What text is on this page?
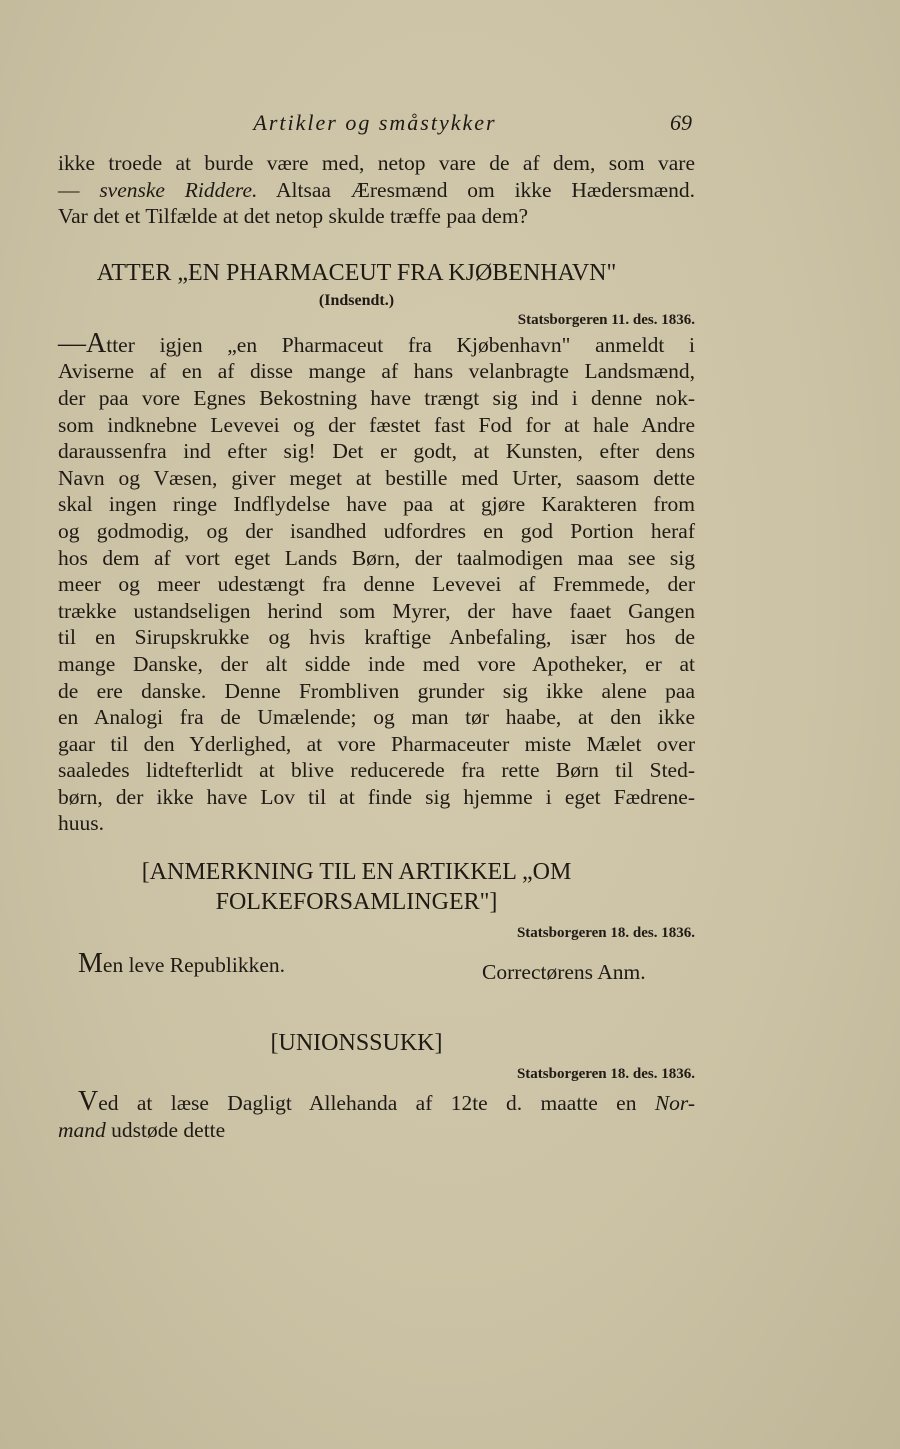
Artikler og småstykker	69
ikke troede at burde være med, netop vare de af dem, som vare
— svenske Riddere. Altsaa Æresmænd om ikke Hædersmænd.
Var det et Tilfælde at det netop skulde træffe paa dem?

ATTER „EN PHARMACEUT FRA KJØBENHAVN"

(Indsendt.)

Statsborgeren 11. des. 1836.

—Atter igjen „en Pharmaceut fra Kjøbenhavn" anmeldt i
Aviserne af en af disse mange af hans velanbragte Landsmænd,
der paa vore Egnes Bekostning have trængt sig ind i denne nok-
som indknebne Levevei og der fæstet fast Fod for at hale Andre
daraussenfra ind efter sig! Det er godt, at Kunsten, efter dens
Navn og Væsen, giver meget at bestille med Urter, saasom dette
skal ingen ringe Indflydelse have paa at gjøre Karakteren from
og godmodig, og der isandhed udfordres en god Portion heraf
hos dem af vort eget Lands Børn, der taalmodigen maa see sig
meer og meer udestængt fra denne Levevei af Fremmede, der
trække ustandseligen herind som Myrer, der have faaet Gangen
til en Sirupskrukke og hvis kraftige Anbefaling, især hos de
mange Danske, der alt sidde inde med vore Apotheker, er at
de ere danske. Denne Frombliven grunder sig ikke alene paa
en Analogi fra de Umælende; og man tør haabe, at den ikke
gaar til den Yderlighed, at vore Pharmaceuter miste Mælet over
saaledes lidtefterlidt at blive reducerede fra rette Børn til Sted-
børn, der ikke have Lov til at finde sig hjemme i eget Fædrene-
huus.

[ANMERKNING TIL EN ARTIKKEL „OM

FOLKEFORSAMLINGER"]

Statsborgeren 18. des. 1836.

Men leve Republikken.	Correctørens Anm.

[UNIONSSUKK]

Statsborgeren 18. des. 1836.

Ved at læse Dagligt Allehanda af 12te d. maatte en Nor-
mand udstøde dette
